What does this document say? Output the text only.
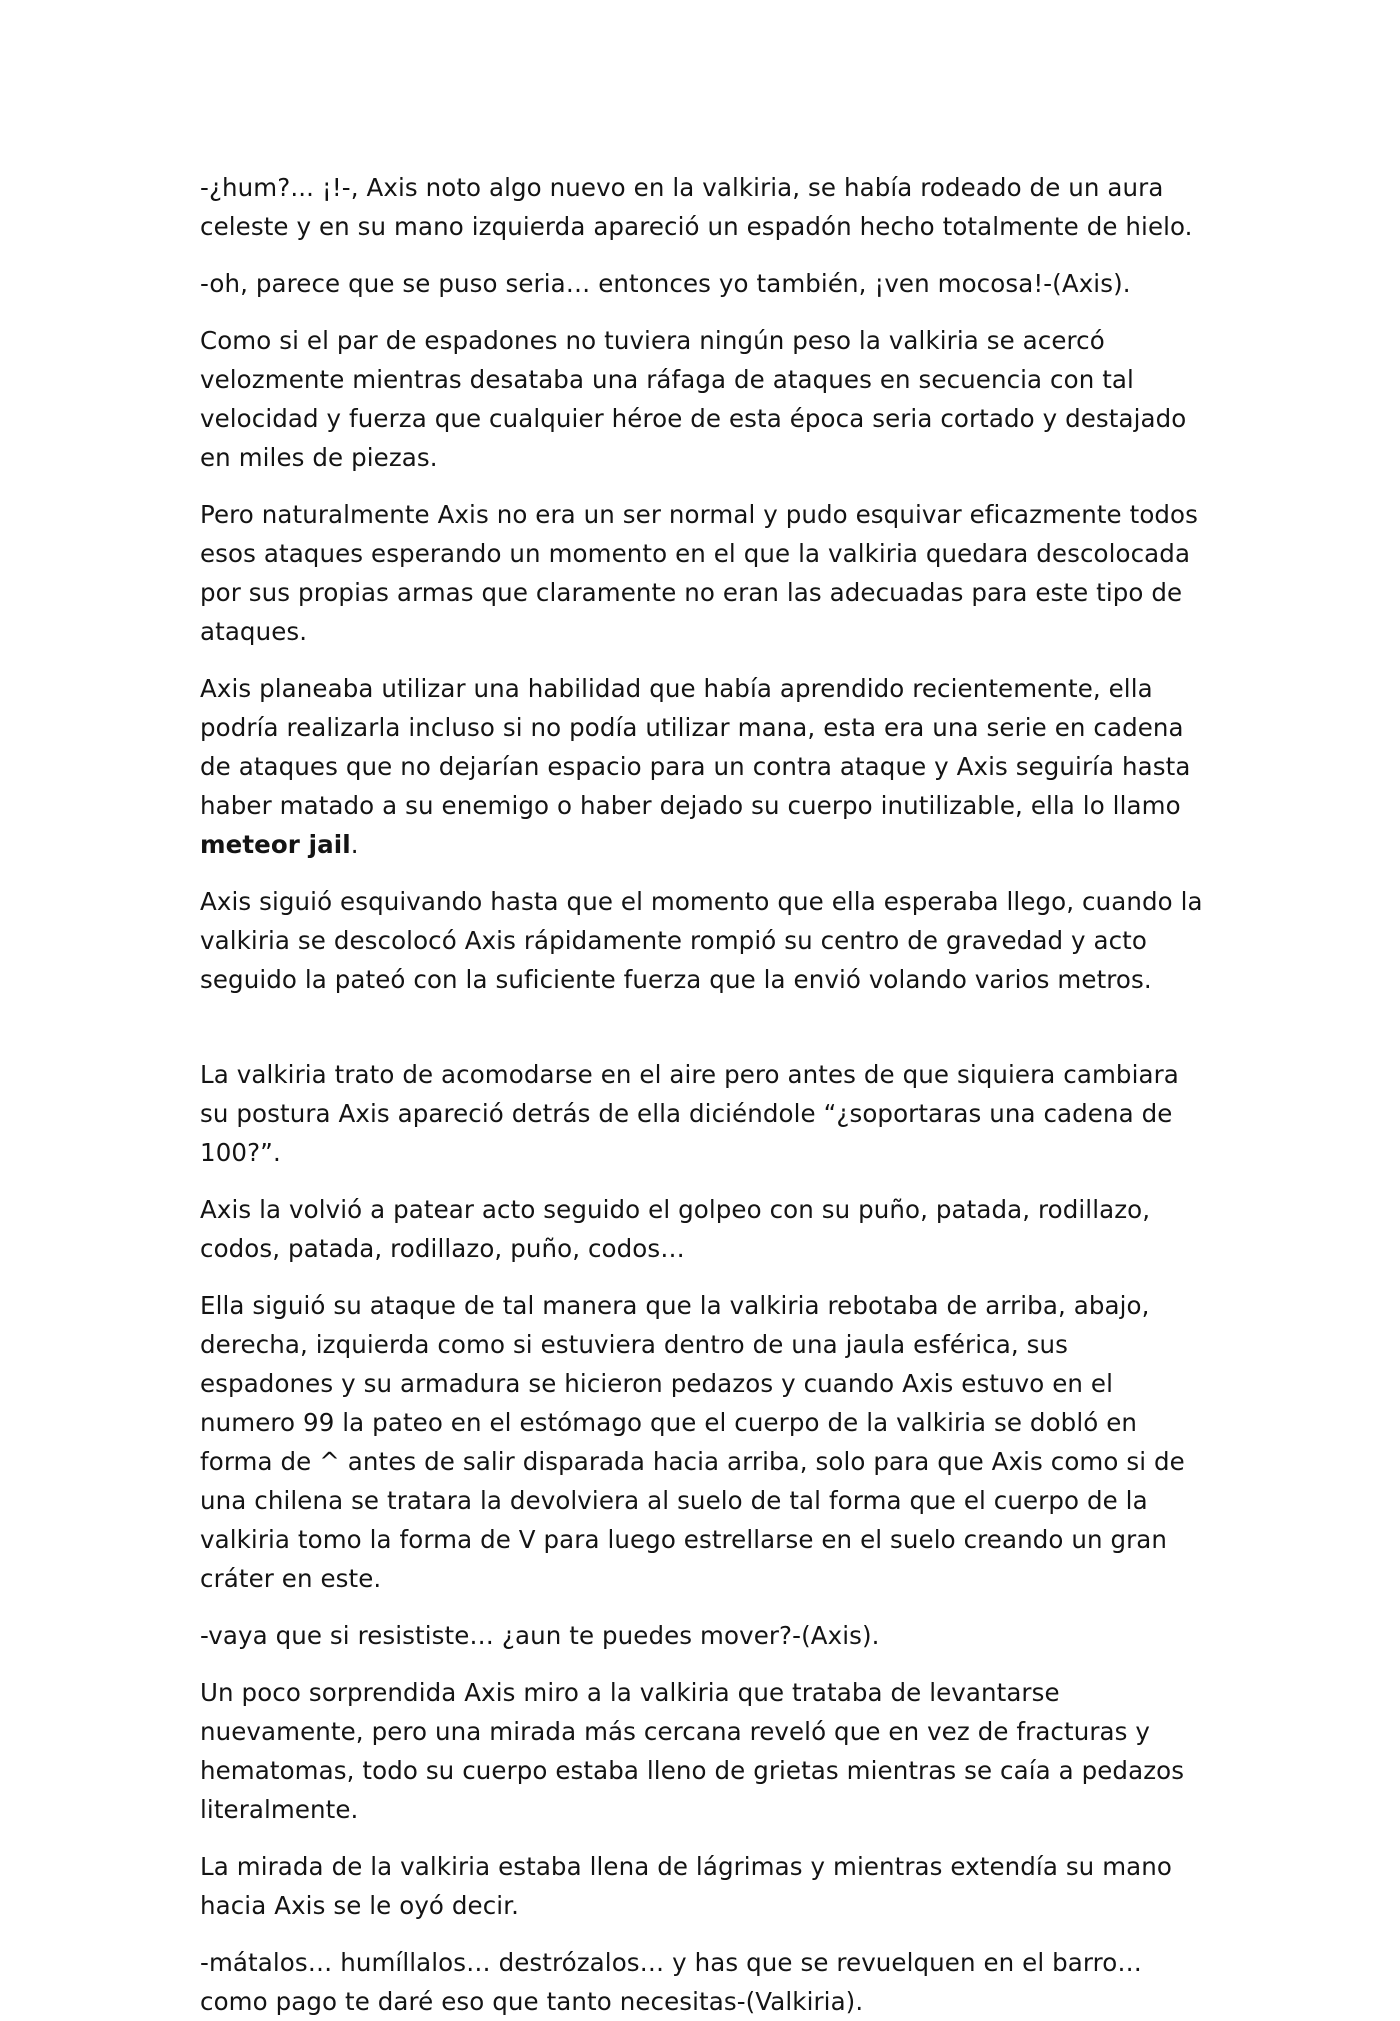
-¿hum?... ¡!-, Axis noto algo nuevo en la valkiria, se había rodeado de un aura celeste y en su mano izquierda apareció un espadón hecho totalmente de hielo.

-oh, parece que se puso seria… entonces yo también, ¡ven mocosa!-(Axis).

Como si el par de espadones no tuviera ningún peso la valkiria se acercó velozmente mientras desataba una ráfaga de ataques en secuencia con tal velocidad y fuerza que cualquier héroe de esta época seria cortado y destajado en miles de piezas.

Pero naturalmente Axis no era un ser normal y pudo esquivar eficazmente todos esos ataques esperando un momento en el que la valkiria quedara descolocada por sus propias armas que claramente no eran las adecuadas para este tipo de ataques.

Axis planeaba utilizar una habilidad que había aprendido recientemente, ella podría realizarla incluso si no podía utilizar mana, esta era una serie en cadena de ataques que no dejarían espacio para un contra ataque y Axis seguiría hasta haber matado a su enemigo o haber dejado su cuerpo inutilizable, ella lo llamo meteor jail.

Axis siguió esquivando hasta que el momento que ella esperaba llego, cuando la valkiria se descolocó Axis rápidamente rompió su centro de gravedad y acto seguido la pateó con la suficiente fuerza que la envió volando varios metros.

La valkiria trato de acomodarse en el aire pero antes de que siquiera cambiara su postura Axis apareció detrás de ella diciéndole “¿soportaras una cadena de 100?”.

Axis la volvió a patear acto seguido el golpeo con su puño, patada, rodillazo, codos, patada, rodillazo, puño, codos…

Ella siguió su ataque de tal manera que la valkiria rebotaba de arriba, abajo, derecha, izquierda como si estuviera dentro de una jaula esférica, sus espadones y su armadura se hicieron pedazos y cuando Axis estuvo en el numero 99 la pateo en el estómago que el cuerpo de la valkiria se dobló en forma de ^ antes de salir disparada hacia arriba, solo para que Axis como si de una chilena se tratara la devolviera al suelo de tal forma que el cuerpo de la valkiria tomo la forma de V para luego estrellarse en el suelo creando un gran cráter en este.

-vaya que si resististe… ¿aun te puedes mover?-(Axis).

Un poco sorprendida Axis miro a la valkiria que trataba de levantarse nuevamente, pero una mirada más cercana reveló que en vez de fracturas y hematomas, todo su cuerpo estaba lleno de grietas mientras se caía a pedazos literalmente.

La mirada de la valkiria estaba llena de lágrimas y mientras extendía su mano hacia Axis se le oyó decir.

-mátalos… humíllalos… destrózalos… y has que se revuelquen en el barro… como pago te daré eso que tanto necesitas-(Valkiria).
